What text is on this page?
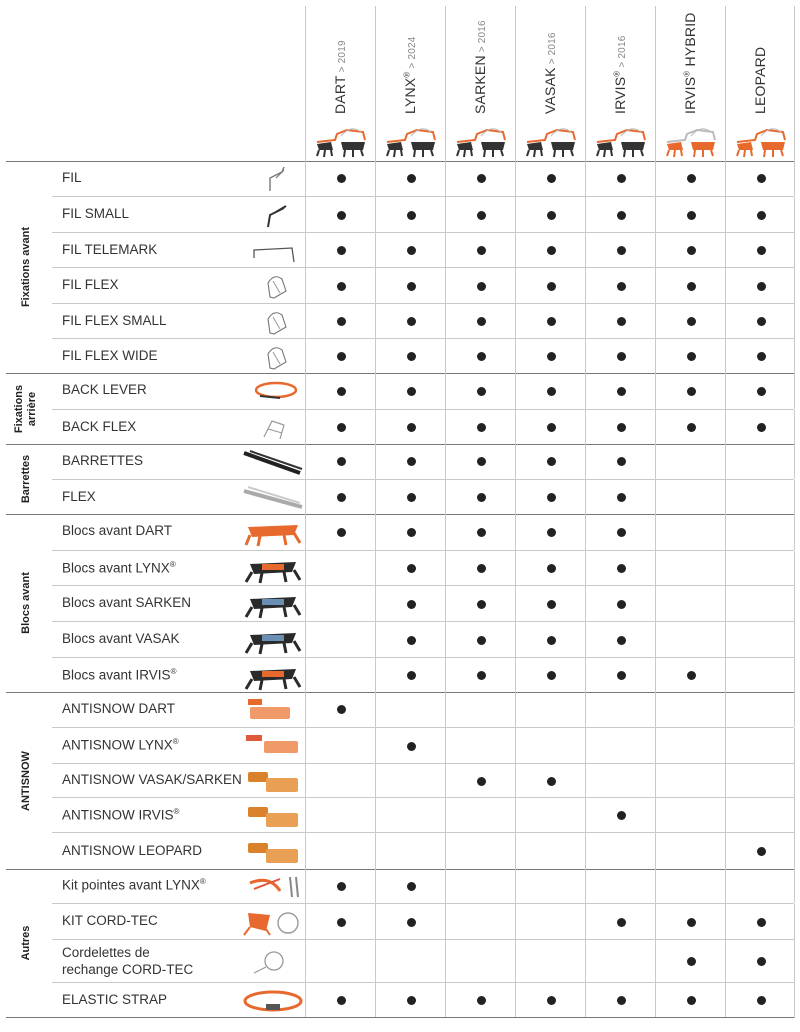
DART > 2019
LYNX® > 2024
SARKEN > 2016
VASAK > 2016
IRVIS® > 2016
IRVIS® HYBRID
LEOPARD
FIL
FIL SMALL
FIL TELEMARK
FIL FLEX
FIL FLEX SMALL
FIL FLEX WIDE
Fixations avant
BACK LEVER
BACK FLEX
Fixations arrière
BARRETTES
FLEX
Barrettes
Blocs avant DART
Blocs avant LYNX®
Blocs avant SARKEN
Blocs avant VASAK
Blocs avant IRVIS®
Blocs avant
ANTISNOW DART
ANTISNOW LYNX®
ANTISNOW VASAK/SARKEN
ANTISNOW IRVIS®
ANTISNOW LEOPARD
ANTISNOW
Kit pointes avant LYNX®
KIT CORD-TEC
Cordelettes de
rechange CORD-TEC
ELASTIC STRAP
Autres
